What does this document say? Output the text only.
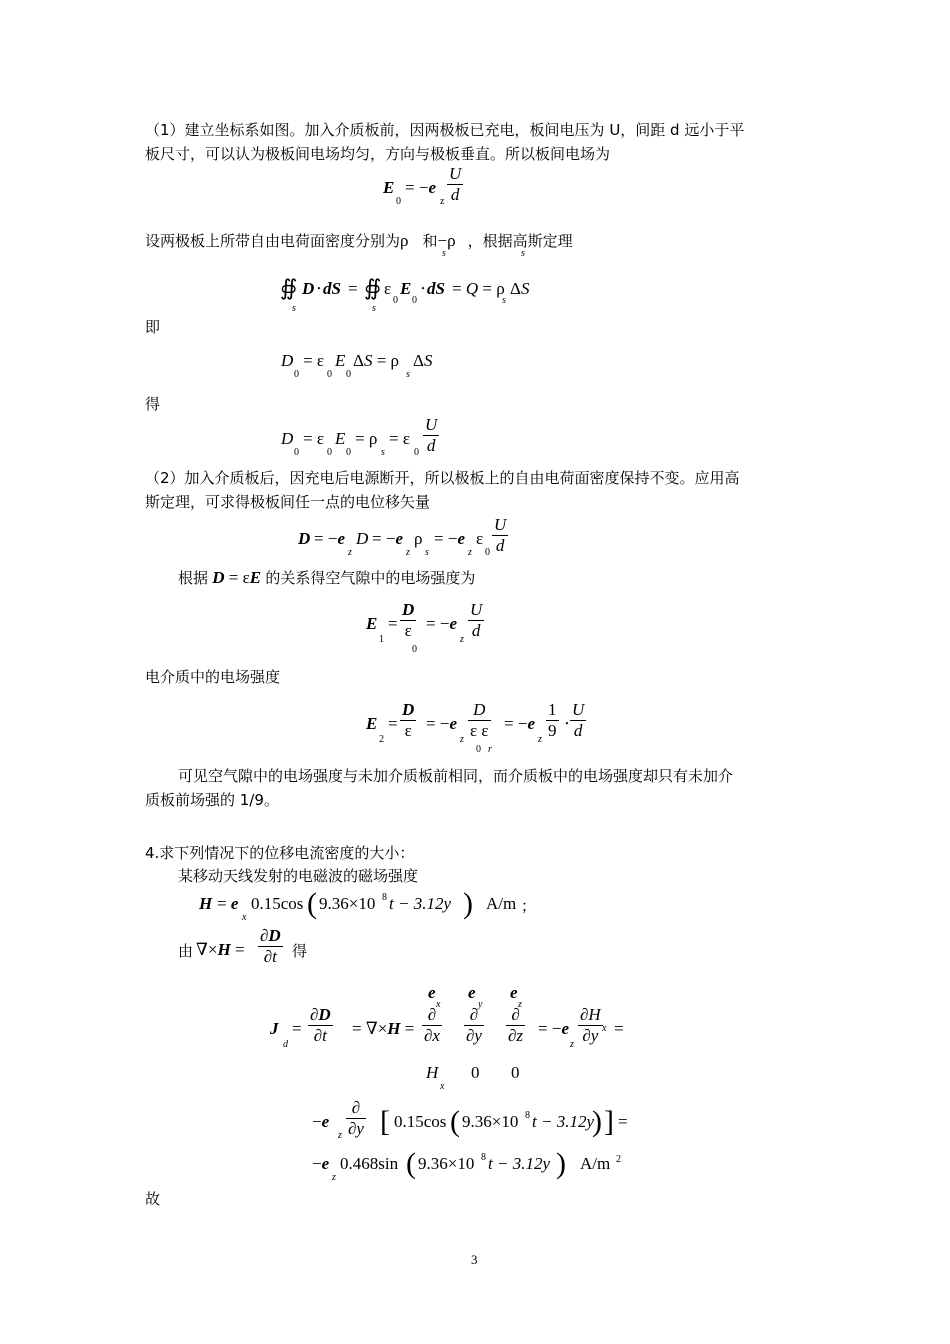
（1）建立坐标系如图。加入介质板前，因两极板已充电，板间电压为 U，间距 d 远小于平
板尺寸，可以认为极板间电场均匀，方向与极板垂直。所以板间电场为
E
0
= −e
z $\frac{U}{d}$
设两极板上所带自由电荷面密度分别为ρ 和−ρ ，根据高斯定理
s	s
∯
s
D ⋅ dS = ∯
s
ε
0
E
0
⋅ dS = Q = ρ
s
ΔS
即
D
0
= ε
0
E
0
ΔS = ρ
s
ΔS
得
D
0
= ε
0
E
0
= ρ
s
= ε
$0 \frac{U}{d}$
（2）加入介质板后，因充电后电源断开，所以极板上的自由电荷面密度保持不变。应用高
斯定理，可求得极板间任一点的电位移矢量
D = −e
z
D = −e
z
ρ
s
= −e
z
ε
$0 \frac{U}{d}$
根据 D = εE 的关系得空气隙中的电场强度为
E
1
= $\frac{D}{\varepsilon}$
0
= −e
z $\frac{U}{d}$
电介质中的电场强度
E
2
= $\frac{D}{\varepsilon} = -e$
z $\frac{D}{\text{ε ε}}$
0 r
= −e
z $\frac{1}{9} \cdot \frac{U}{d}$
可见空气隙中的电场强度与未加介质板前相同，而介质板中的电场强度却只有未加介
质板前场强的 1/9。
4.求下列情况下的位移电流密度的大小：
某移动天线发射的电磁波的磁场强度
H = e
x
0.15cos ( 9.36×10 8 t − 3.12y ) A/m ；
由 $\nabla\times H = \frac{\partial D}{\partial t}$ 得
J
d
= $\frac{\partial D}{\partial t} = \nabla\times H$ =
e
x
e
y
e
z
∂
∂x
∂
∂y
∂
∂z
H
x
0 0
= −e
z $\frac{\partial H}{\partial y}$ x =
−e
z
∂
∂y [ 0.15cos ( 9.36×10 8 t − 3.12y
) ] =
−e
z
0.468sin ( 9.36×10 8 t − 3.12y ) A/m 2
故
3
